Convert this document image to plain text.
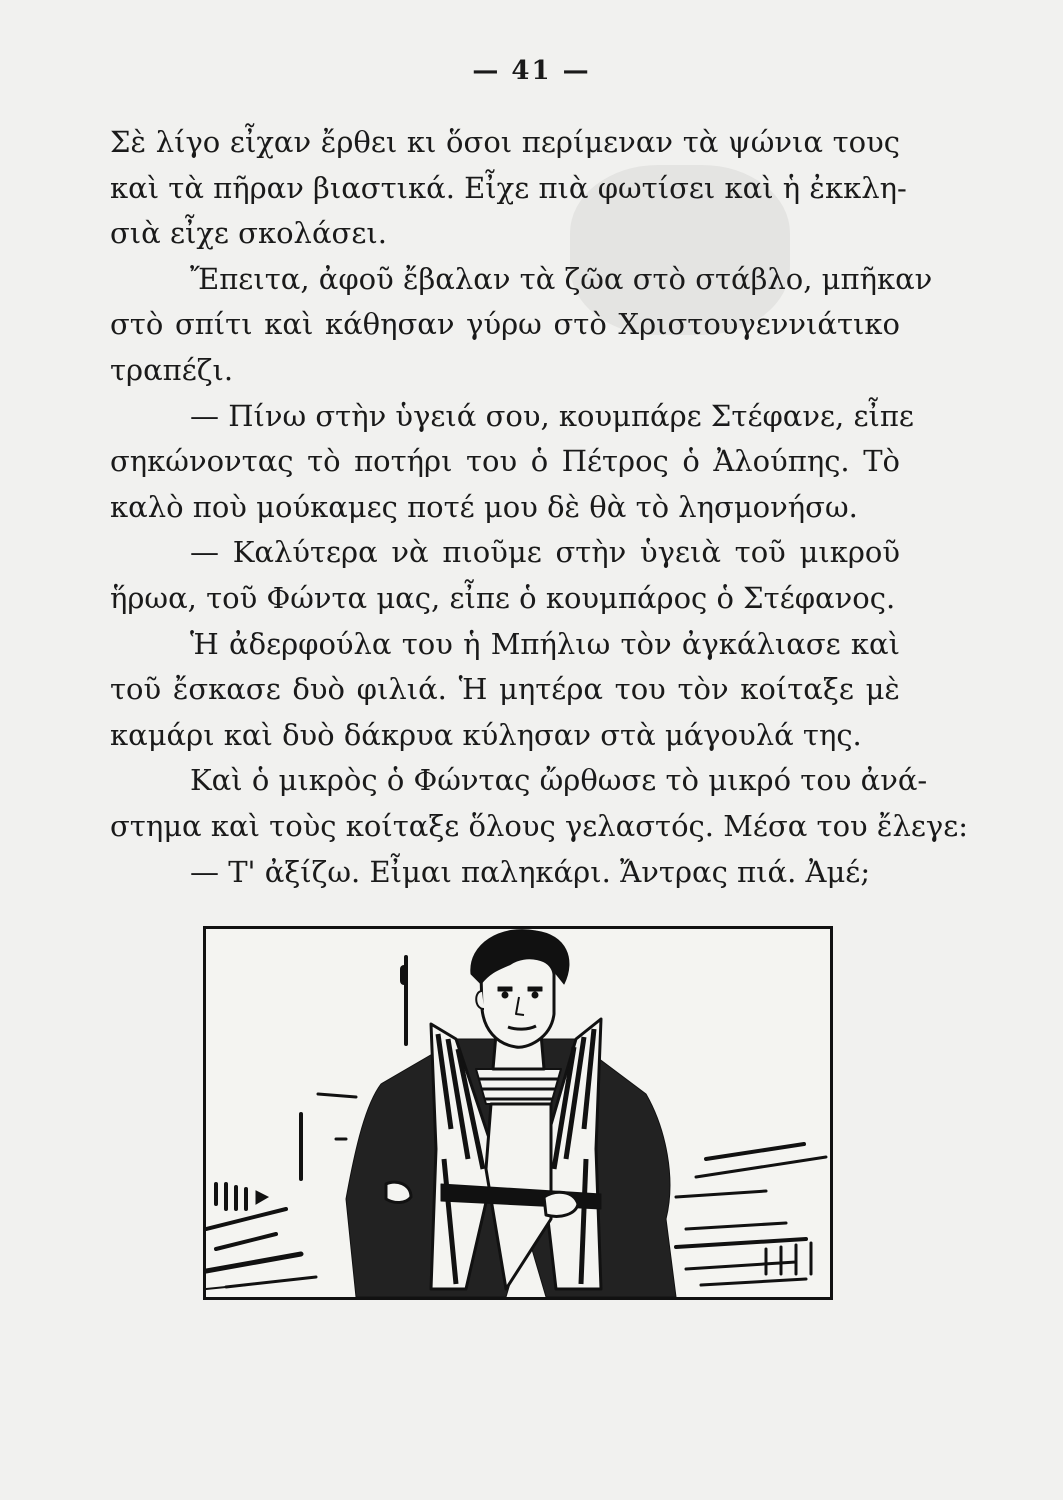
— 41 —
Σὲ λίγο εἶχαν ἔρθει κι ὅσοι περίμεναν τὰ ψώνια τους
καὶ τὰ πῆραν βιαστικά. Εἶχε πιὰ φωτίσει καὶ ἡ ἐκκλη-
σιὰ εἶχε σκολάσει.
Ἔπειτα, ἀφοῦ ἔβαλαν τὰ ζῶα στὸ στάβλο, μπῆκαν
στὸ σπίτι καὶ κάθησαν γύρω στὸ Χριστουγεννιάτικο
τραπέζι.
— Πίνω στὴν ὑγειά σου, κουμπάρε Στέφανε, εἶπε
σηκώνοντας τὸ ποτήρι του ὁ Πέτρος ὁ Ἀλούπης. Τὸ
καλὸ ποὺ μούκαμες ποτέ μου δὲ θὰ τὸ λησμονήσω.
— Καλύτερα νὰ πιοῦμε στὴν ὑγειὰ τοῦ μικροῦ
ἥρωα, τοῦ Φώντα μας, εἶπε ὁ κουμπάρος ὁ Στέφανος.
Ἡ ἀδερφούλα του ἡ Μπήλιω τὸν ἀγκάλιασε καὶ
τοῦ ἔσκασε δυὸ φιλιά. Ἡ μητέρα του τὸν κοίταξε μὲ
καμάρι καὶ δυὸ δάκρυα κύλησαν στὰ μάγουλά της.
Καὶ ὁ μικρὸς ὁ Φώντας ὤρθωσε τὸ μικρό του ἀνά-
στημα καὶ τοὺς κοίταξε ὅλους γελαστός. Μέσα του ἔλεγε:
— Τ' ἀξίζω. Εἶμαι παληκάρι. Ἄντρας πιά. Ἀμέ;
